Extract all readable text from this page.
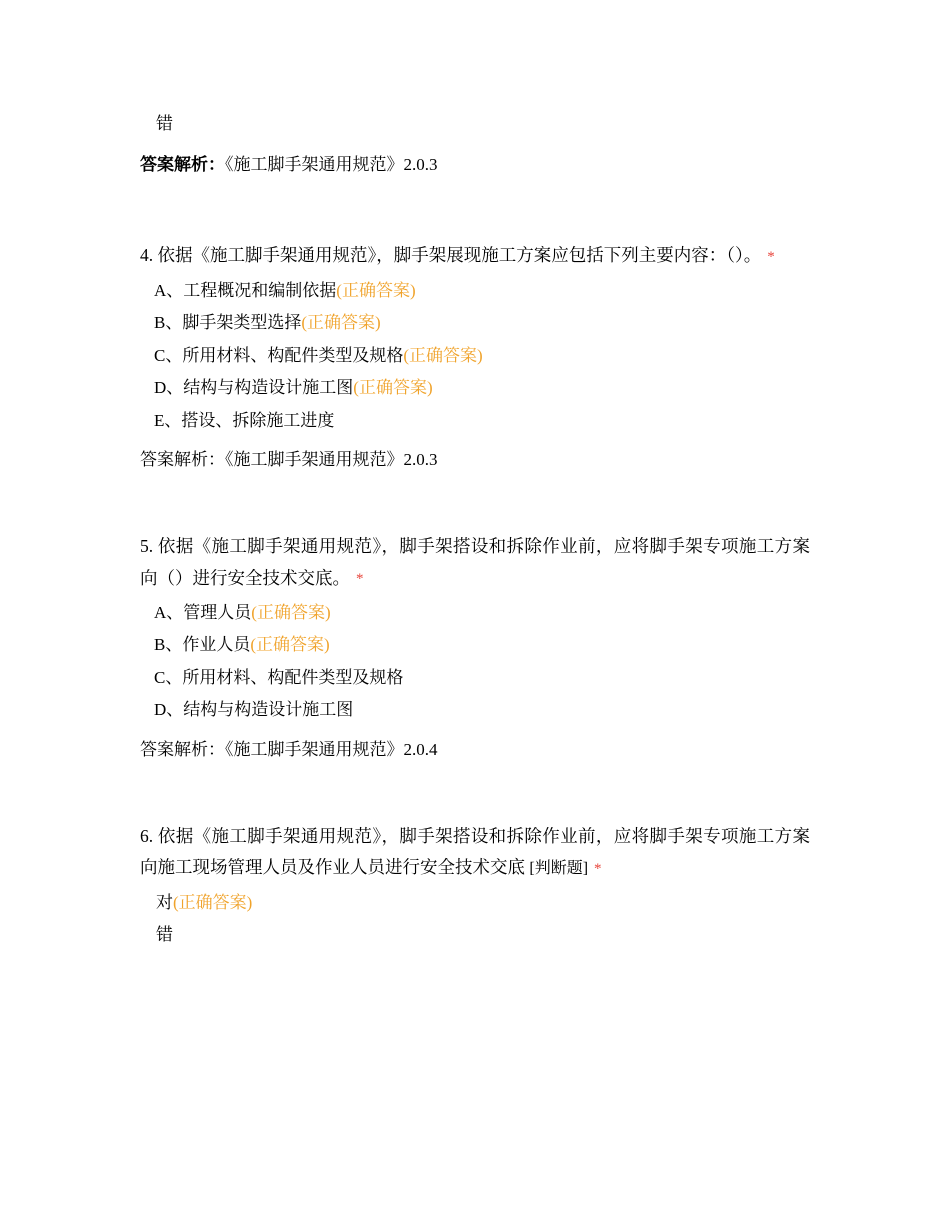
错
答案解析：《施工脚手架通用规范》2.0.3
4. 依据《施工脚手架通用规范》，脚手架展现施工方案应包括下列主要内容：（）。 *
A、工程概况和编制依据(正确答案)
B、脚手架类型选择(正确答案)
C、所用材料、构配件类型及规格(正确答案)
D、结构与构造设计施工图(正确答案)
E、搭设、拆除施工进度
答案解析：《施工脚手架通用规范》2.0.3
5. 依据《施工脚手架通用规范》，脚手架搭设和拆除作业前，应将脚手架专项施工方案向（）进行安全技术交底。 *
A、管理人员(正确答案)
B、作业人员(正确答案)
C、所用材料、构配件类型及规格
D、结构与构造设计施工图
答案解析：《施工脚手架通用规范》2.0.4
6. 依据《施工脚手架通用规范》，脚手架搭设和拆除作业前，应将脚手架专项施工方案向施工现场管理人员及作业人员进行安全技术交底 [判断题] *
对(正确答案)
错
